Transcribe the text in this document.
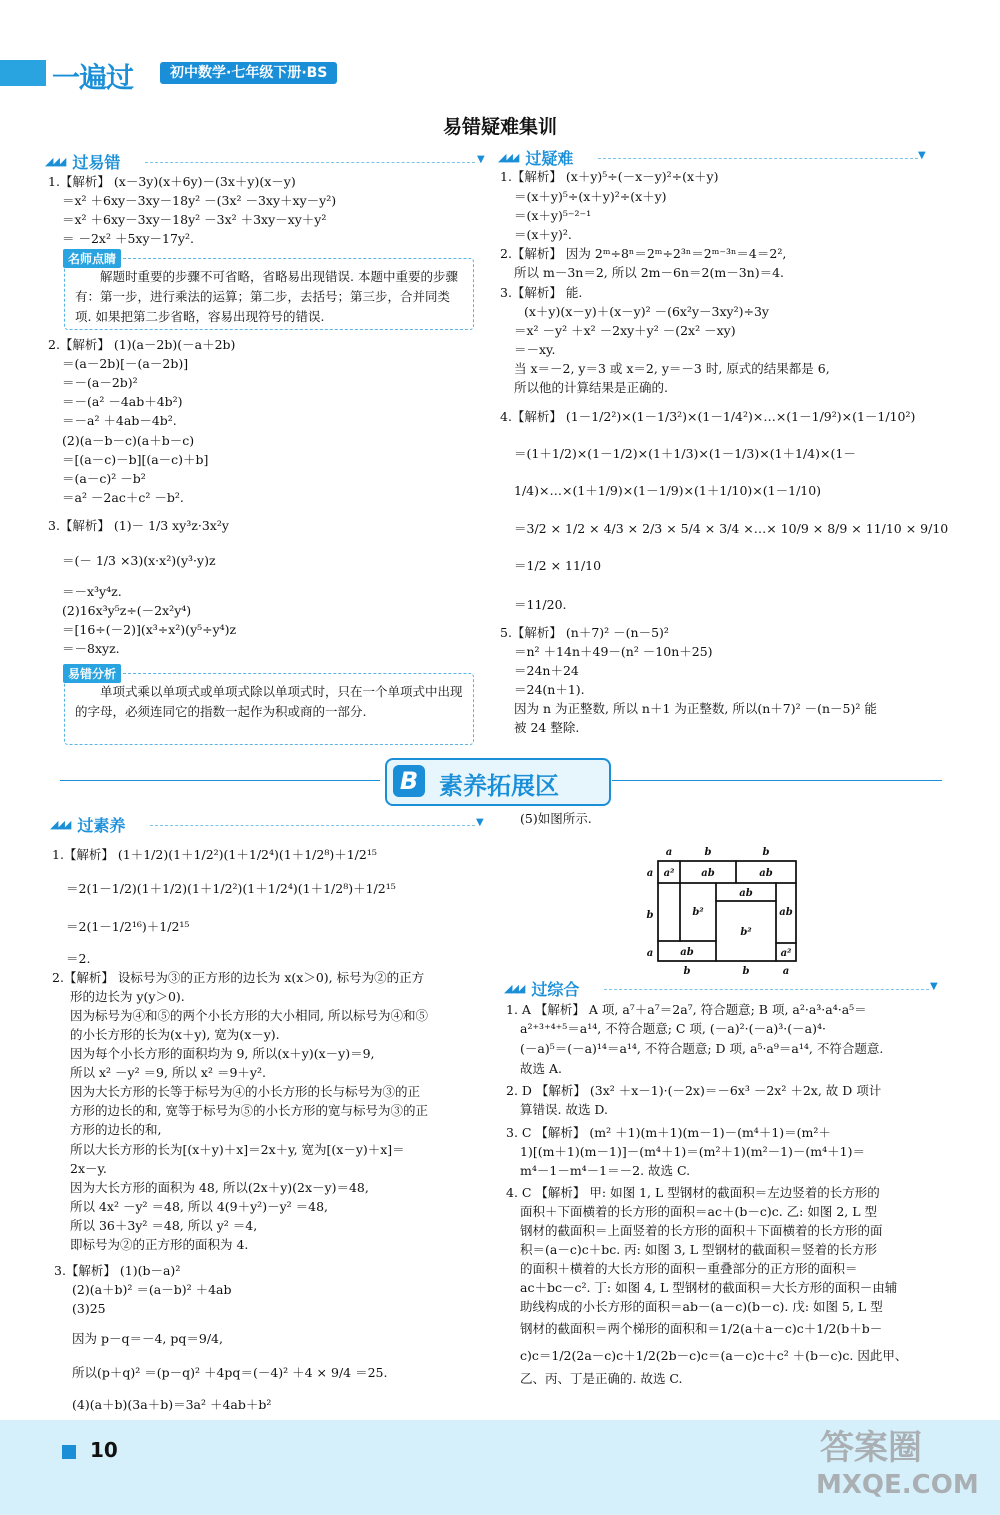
一遍过	初中数学·七年级下册·BS
易错疑难集训
◢◢◢ 过易错	▼ ◢◢◢ 过疑难	▼
1.【解析】 (x－3y)(x＋6y)－(3x＋y)(x－y)
＝x² ＋6xy－3xy－18y² －(3x² －3xy＋xy－y²)
＝x² ＋6xy－3xy－18y² －3x² ＋3xy－xy＋y²
＝ －2x² ＋5xy－17y².
名师点睛
解题时重要的步骤不可省略，省略易出现错误. 本题中重要的步骤有：第一步，进行乘法的运算；第二步，去括号；第三步，合并同类项. 如果把第二步省略，容易出现符号的错误.
2.【解析】 (1)(a－2b)(－a＋2b)
＝(a－2b)[－(a－2b)]
＝－(a－2b)²
＝－(a² －4ab＋4b²)
＝－a² ＋4ab－4b².
(2)(a－b－c)(a＋b－c)
＝[(a－c)－b][(a－c)＋b]
＝(a－c)² －b²
＝a² －2ac＋c² －b².
3.【解析】 (1)－ 1/3 xy³z·3x²y
＝(－ 1/3 ×3)(x·x²)(y³·y)z
＝－x³y⁴z.
(2)16x³y⁵z÷(－2x²y⁴)
＝[16÷(－2)](x³÷x²)(y⁵÷y⁴)z
＝－8xyz.
易错分析
单项式乘以单项式或单项式除以单项式时，只在一个单项式中出现的字母，必须连同它的指数一起作为积或商的一部分.
1.【解析】 (x＋y)⁵÷(－x－y)²÷(x＋y)
＝(x＋y)⁵÷(x＋y)²÷(x＋y)
＝(x＋y)⁵⁻²⁻¹
＝(x＋y)².
2.【解析】 因为 2ᵐ÷8ⁿ＝2ᵐ÷2³ⁿ＝2ᵐ⁻³ⁿ＝4＝2²,
所以 m－3n＝2, 所以 2m－6n＝2(m－3n)＝4.
3.【解析】 能.
(x＋y)(x－y)＋(x－y)² －(6x²y－3xy²)÷3y
＝x² －y² ＋x² －2xy＋y² －(2x² －xy)
＝－xy.
当 x＝－2, y＝3 或 x＝2, y＝－3 时, 原式的结果都是 6,
所以他的计算结果是正确的.
4.【解析】 (1－1/2²)×(1－1/3²)×(1－1/4²)×…×(1－1/9²)×(1－1/10²)
＝(1＋1/2)×(1－1/2)×(1＋1/3)×(1－1/3)×(1＋1/4)×(1－
1/4)×…×(1＋1/9)×(1－1/9)×(1＋1/10)×(1－1/10)
＝3/2 × 1/2 × 4/3 × 2/3 × 5/4 × 3/4 ×…× 10/9 × 8/9 × 11/10 × 9/10
＝1/2 × 11/10
＝11/20.
5.【解析】 (n＋7)² －(n－5)²
＝n² ＋14n＋49－(n² －10n＋25)
＝24n＋24
＝24(n＋1).
因为 n 为正整数, 所以 n＋1 为正整数, 所以(n＋7)² －(n－5)² 能
被 24 整除.
B 素养拓展区
◢◢◢ 过素养	▼
1.【解析】 (1＋1/2)(1＋1/2²)(1＋1/2⁴)(1＋1/2⁸)＋1/2¹⁵
＝2(1－1/2)(1＋1/2)(1＋1/2²)(1＋1/2⁴)(1＋1/2⁸)＋1/2¹⁵
＝2(1－1/2¹⁶)＋1/2¹⁵
＝2.
2.【解析】 设标号为③的正方形的边长为 x(x＞0), 标号为②的正方
形的边长为 y(y＞0).
因为标号为④和⑤的两个小长方形的大小相同, 所以标号为④和⑤
的小长方形的长为(x＋y), 宽为(x－y).
因为每个小长方形的面积均为 9, 所以(x＋y)(x－y)＝9,
所以 x² －y² ＝9, 所以 x² ＝9＋y².
因为大长方形的长等于标号为④的小长方形的长与标号为③的正
方形的边长的和, 宽等于标号为⑤的小长方形的宽与标号为③的正
方形的边长的和,
所以大长方形的长为[(x＋y)＋x]＝2x＋y, 宽为[(x－y)＋x]＝
2x－y.
因为大长方形的面积为 48, 所以(2x＋y)(2x－y)＝48,
所以 4x² －y² ＝48, 所以 4(9＋y²)－y² ＝48,
所以 36＋3y² ＝48, 所以 y² ＝4,
即标号为②的正方形的面积为 4.
3.【解析】 (1)(b－a)²
(2)(a＋b)² ＝(a－b)² ＋4ab
(3)25
因为 p－q＝－4, pq＝9/4,
所以(p＋q)² ＝(p－q)² ＋4pq＝(－4)² ＋4 × 9/4 ＝25.
(4)(a＋b)(3a＋b)＝3a² ＋4ab＋b²
(5)如图所示.
a	b	b
a
b
a
b	b	a
a²	ab	ab
ab
ab
b²
b²
ab	a²
◢◢◢ 过综合	▼
1. A 【解析】 A 项, a⁷＋a⁷＝2a⁷, 符合题意; B 项, a²·a³·a⁴·a⁵＝
a²⁺³⁺⁴⁺⁵＝a¹⁴, 不符合题意; C 项, (－a)²·(－a)³·(－a)⁴·
(－a)⁵＝(－a)¹⁴＝a¹⁴, 不符合题意; D 项, a⁵·a⁹＝a¹⁴, 不符合题意.
故选 A.
2. D 【解析】 (3x² ＋x－1)·(－2x)＝－6x³ －2x² ＋2x, 故 D 项计
算错误. 故选 D.
3. C 【解析】 (m² ＋1)(m＋1)(m－1)－(m⁴＋1)＝(m²＋
1)[(m＋1)(m－1)]－(m⁴＋1)＝(m²＋1)(m²－1)－(m⁴＋1)＝
m⁴－1－m⁴－1＝－2. 故选 C.
4. C 【解析】 甲: 如图 1, L 型钢材的截面积＝左边竖着的长方形的
面积＋下面横着的长方形的面积＝ac＋(b－c)c. 乙: 如图 2, L 型
钢材的截面积＝上面竖着的长方形的面积＋下面横着的长方形的面
积＝(a－c)c＋bc. 丙: 如图 3, L 型钢材的截面积＝竖着的长方形
的面积＋横着的大长方形的面积－重叠部分的正方形的面积＝
ac＋bc－c². 丁: 如图 4, L 型钢材的截面积＝大长方形的面积－由辅
助线构成的小长方形的面积＝ab－(a－c)(b－c). 戊: 如图 5, L 型
钢材的截面积＝两个梯形的面积和＝1/2(a＋a－c)c＋1/2(b＋b－
c)c＝1/2(2a－c)c＋1/2(2b－c)c＝(a－c)c＋c² ＋(b－c)c. 因此甲、
乙、丙、丁是正确的. 故选 C.
10	答案圈
MXQE.COM
